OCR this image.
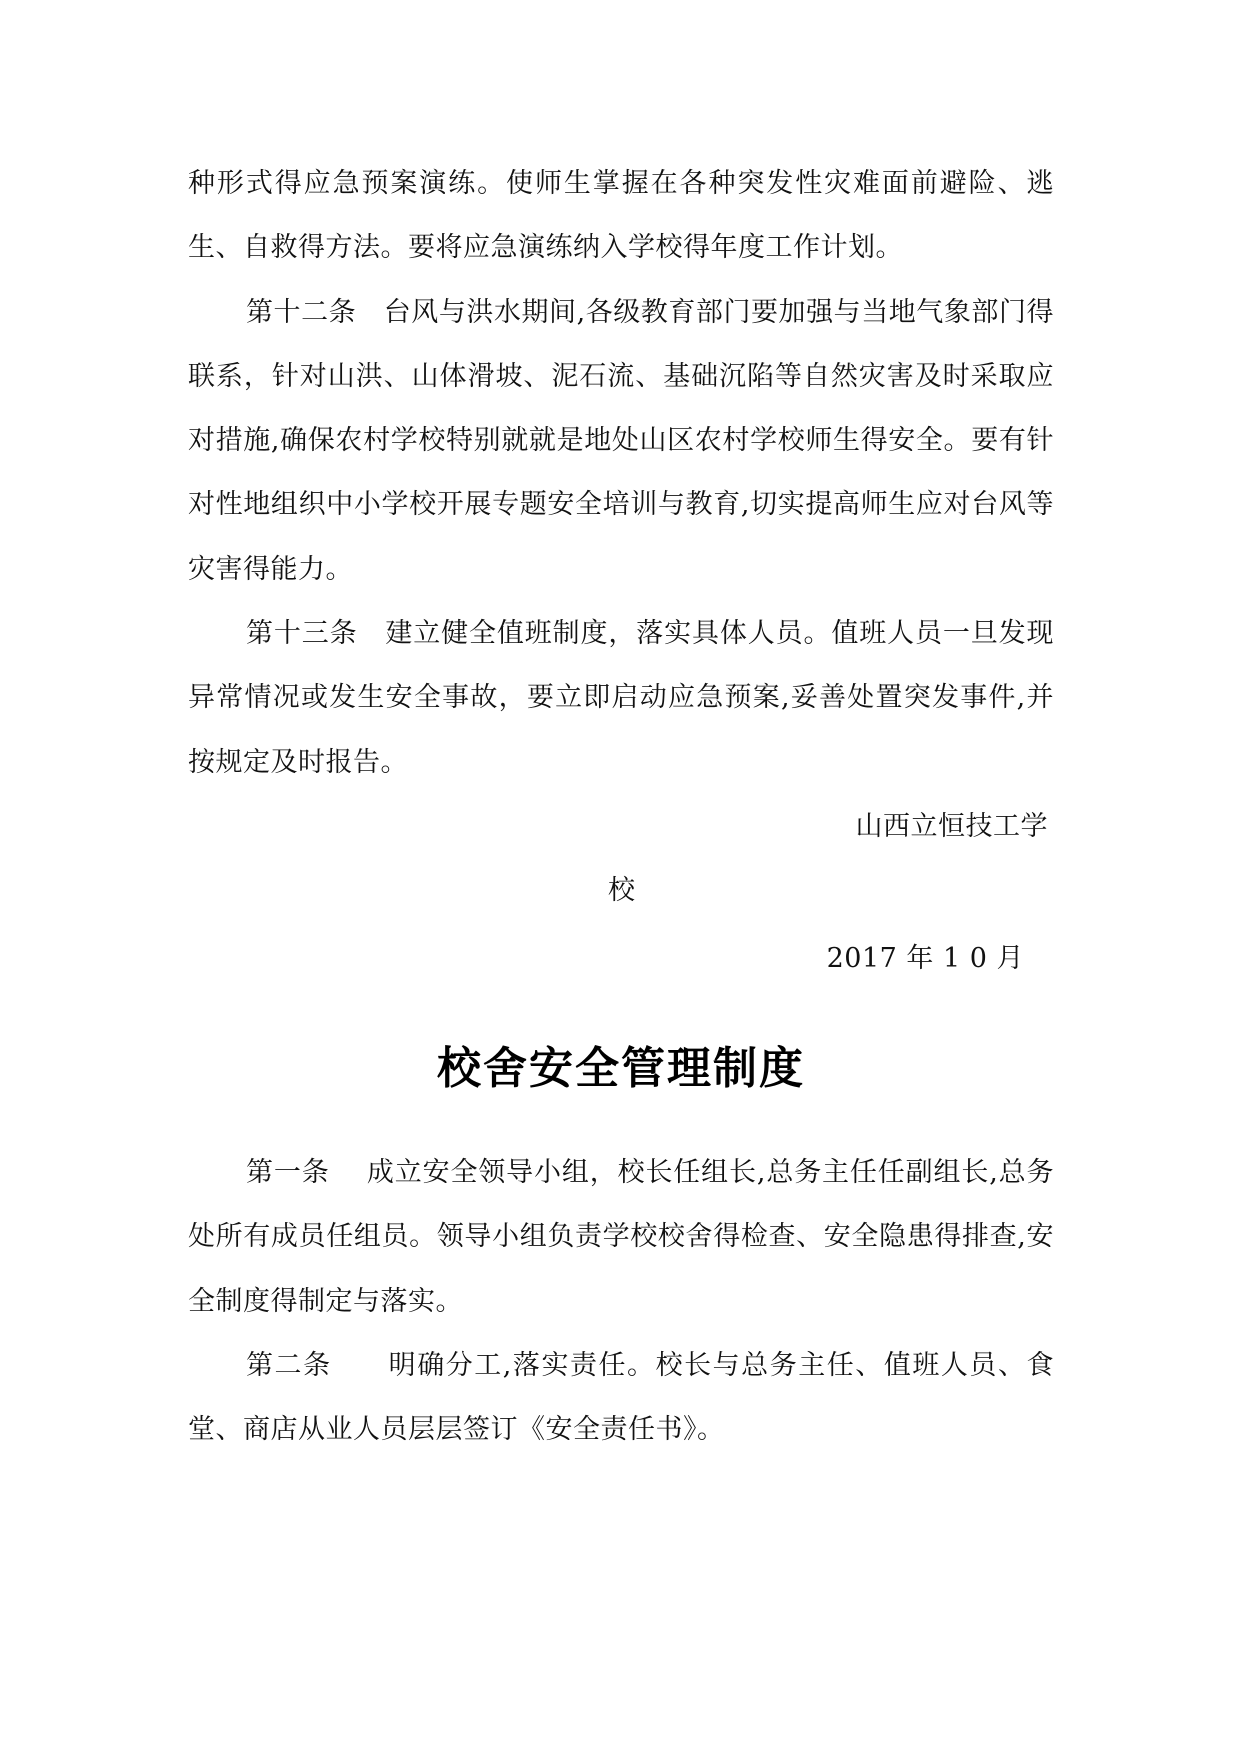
种形式得应急预案演练。使师生掌握在各种突发性灾难面前避险、逃生、自救得方法。要将应急演练纳入学校得年度工作计划。

第十二条　台风与洪水期间,各级教育部门要加强与当地气象部门得联系，针对山洪、山体滑坡、泥石流、基础沉陷等自然灾害及时采取应对措施,确保农村学校特别就就是地处山区农村学校师生得安全。要有针对性地组织中小学校开展专题安全培训与教育,切实提高师生应对台风等灾害得能力。

第十三条　建立健全值班制度，落实具体人员。值班人员一旦发现异常情况或发生安全事故，要立即启动应急预案,妥善处置突发事件,并按规定及时报告。

山西立恒技工学

校

2017 年 1 0 月

校舍安全管理制度

第一条　 成立安全领导小组，校长任组长,总务主任任副组长,总务处所有成员任组员。领导小组负责学校校舍得检查、安全隐患得排查,安全制度得制定与落实。

第二条　　明确分工,落实责任。校长与总务主任、值班人员、食堂、商店从业人员层层签订《安全责任书》。
